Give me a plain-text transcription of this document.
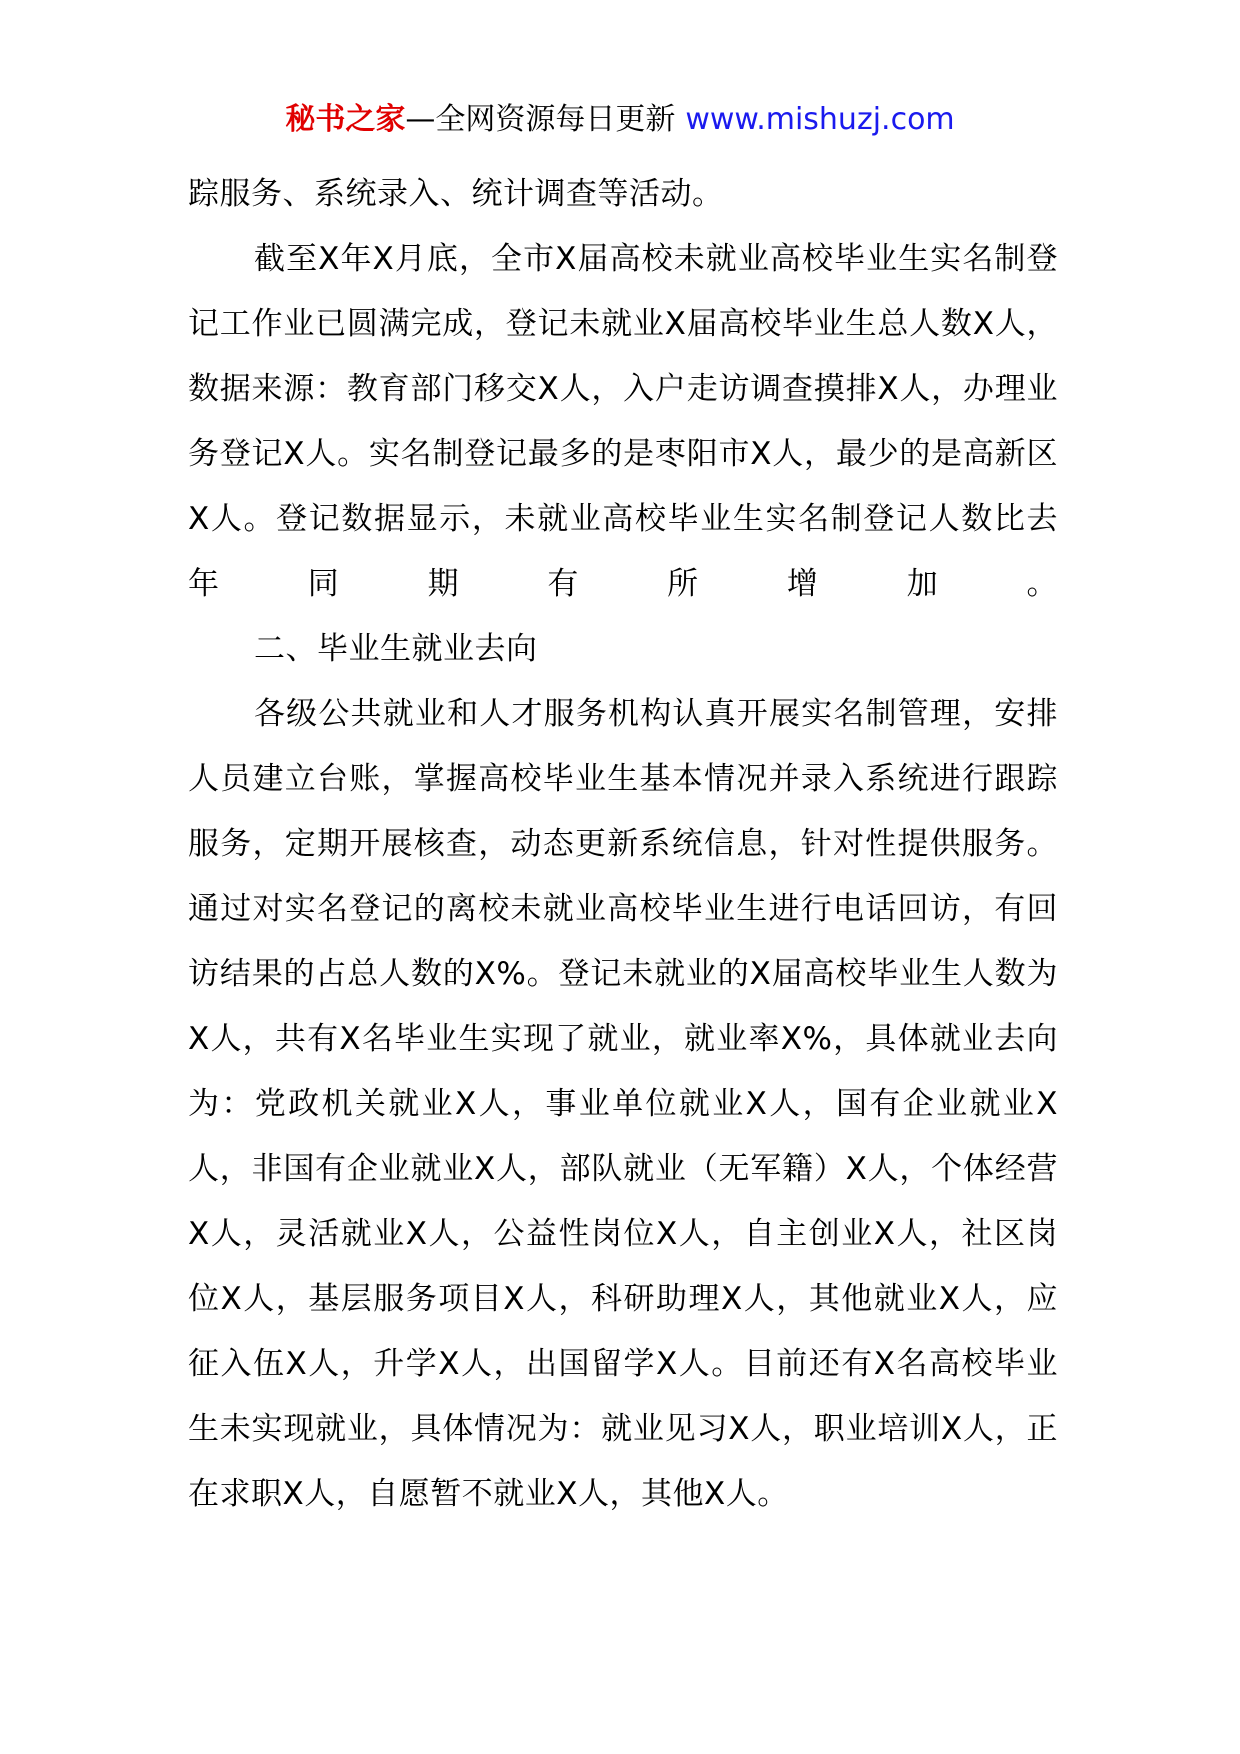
秘书之家—全网资源每日更新 www.mishuzj.com

踪服务、系统录入、统计调查等活动。

截至X年X月底，全市X届高校未就业高校毕业生实名制登记工作业已圆满完成，登记未就业X届高校毕业生总人数X人，数据来源：教育部门移交X人，入户走访调查摸排X人，办理业务登记X人。实名制登记最多的是枣阳市X人，最少的是高新区X人。登记数据显示，未就业高校毕业生实名制登记人数比去年同期有所增加。

二、毕业生就业去向

各级公共就业和人才服务机构认真开展实名制管理，安排人员建立台账，掌握高校毕业生基本情况并录入系统进行跟踪服务，定期开展核查，动态更新系统信息，针对性提供服务。通过对实名登记的离校未就业高校毕业生进行电话回访，有回访结果的占总人数的X%。登记未就业的X届高校毕业生人数为X人，共有X名毕业生实现了就业，就业率X%，具体就业去向为：党政机关就业X人，事业单位就业X人，国有企业就业X人，非国有企业就业X人，部队就业（无军籍）X人，个体经营X人，灵活就业X人，公益性岗位X人，自主创业X人，社区岗位X人，基层服务项目X人，科研助理X人，其他就业X人，应征入伍X人，升学X人，出国留学X人。目前还有X名高校毕业生未实现就业，具体情况为：就业见习X人，职业培训X人，正在求职X人，自愿暂不就业X人，其他X人。
